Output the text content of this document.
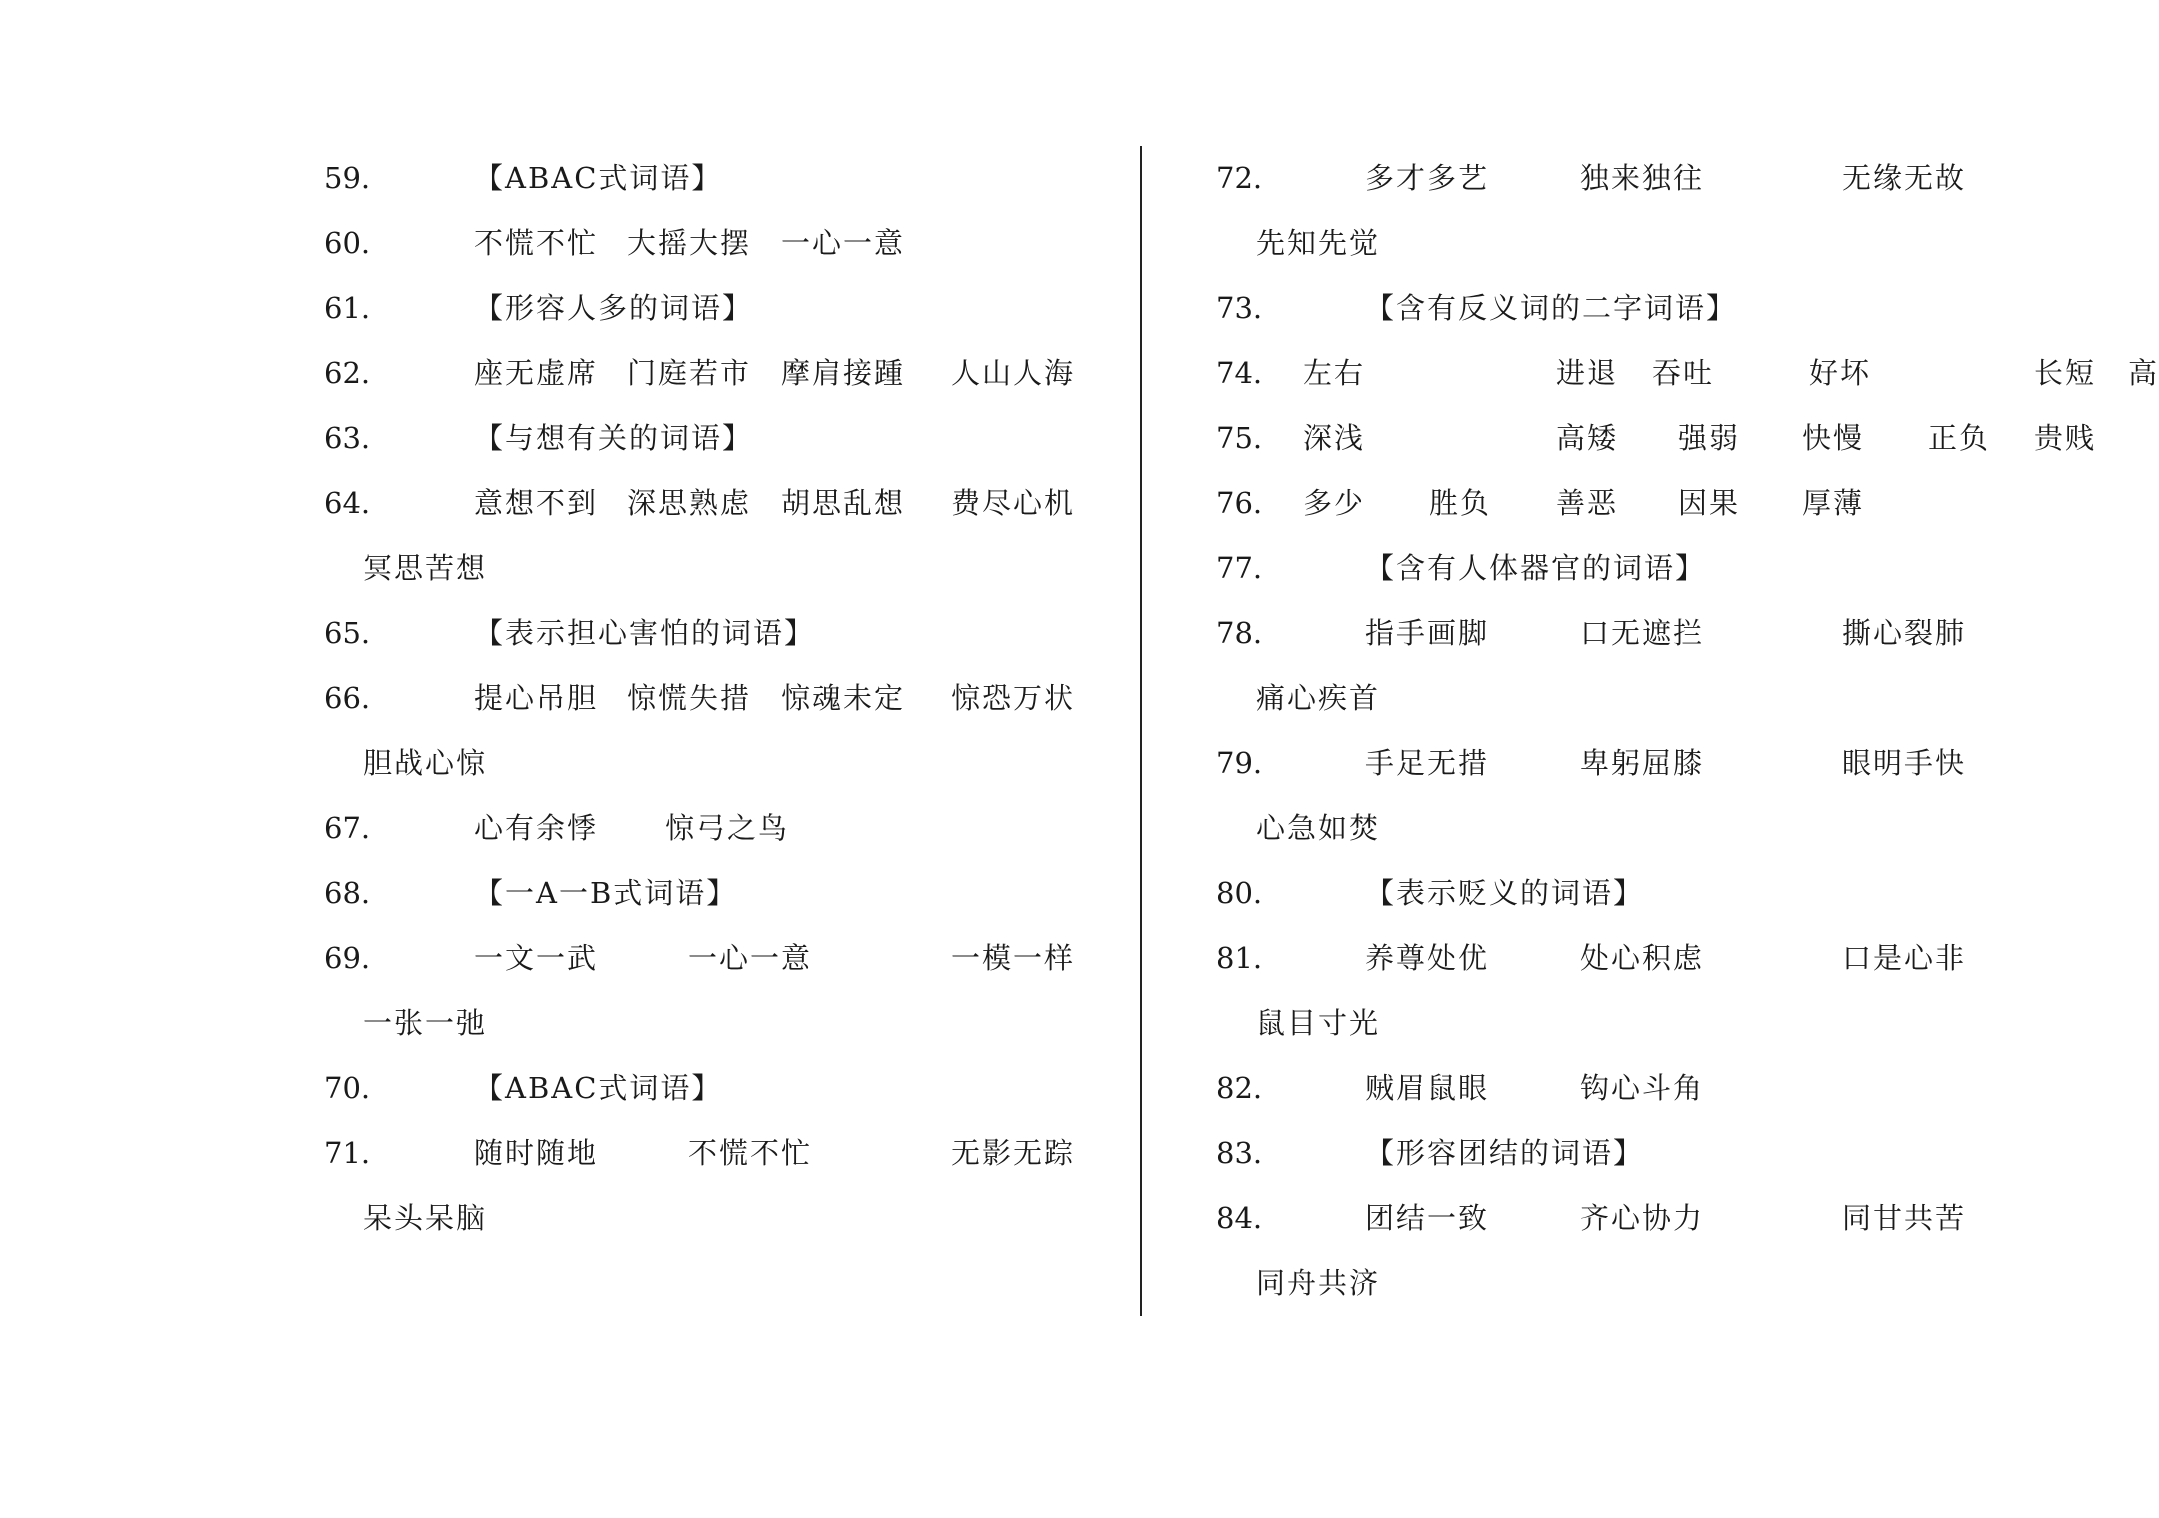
59.	【ABAC式词语】
60.	不慌不忙 大摇大摆 一心一意
61.	【形容人多的词语】
62.	座无虚席 门庭若市 摩肩接踵 人山人海
63.	【与想有关的词语】
64.	意想不到 深思熟虑 胡思乱想 费尽心机
冥思苦想
65.	【表示担心害怕的词语】
66.	提心吊胆 惊慌失措 惊魂未定 惊恐万状
胆战心惊
67.	心有余悸 惊弓之鸟
68.	【一A一B式词语】
69.	一文一武	一心一意	一模一样
一张一弛
70.	【ABAC式词语】
71.	随时随地	不慌不忙	无影无踪
呆头呆脑
72.	多才多艺	独来独往	无缘无故
先知先觉
73.	【含有反义词的二字词语】
74. 左右	进退 吞吐	好坏	长短 高
75. 深浅	高矮 强弱 快慢 正负 贵贱
76. 多少 胜负 善恶 因果 厚薄
77.	【含有人体器官的词语】
78.	指手画脚	口无遮拦	撕心裂肺
痛心疾首
79.	手足无措	卑躬屈膝	眼明手快
心急如焚
80.	【表示贬义的词语】
81.	养尊处优	处心积虑	口是心非
鼠目寸光
82.	贼眉鼠眼	钩心斗角
83.	【形容团结的词语】
84.	团结一致	齐心协力	同甘共苦
同舟共济
